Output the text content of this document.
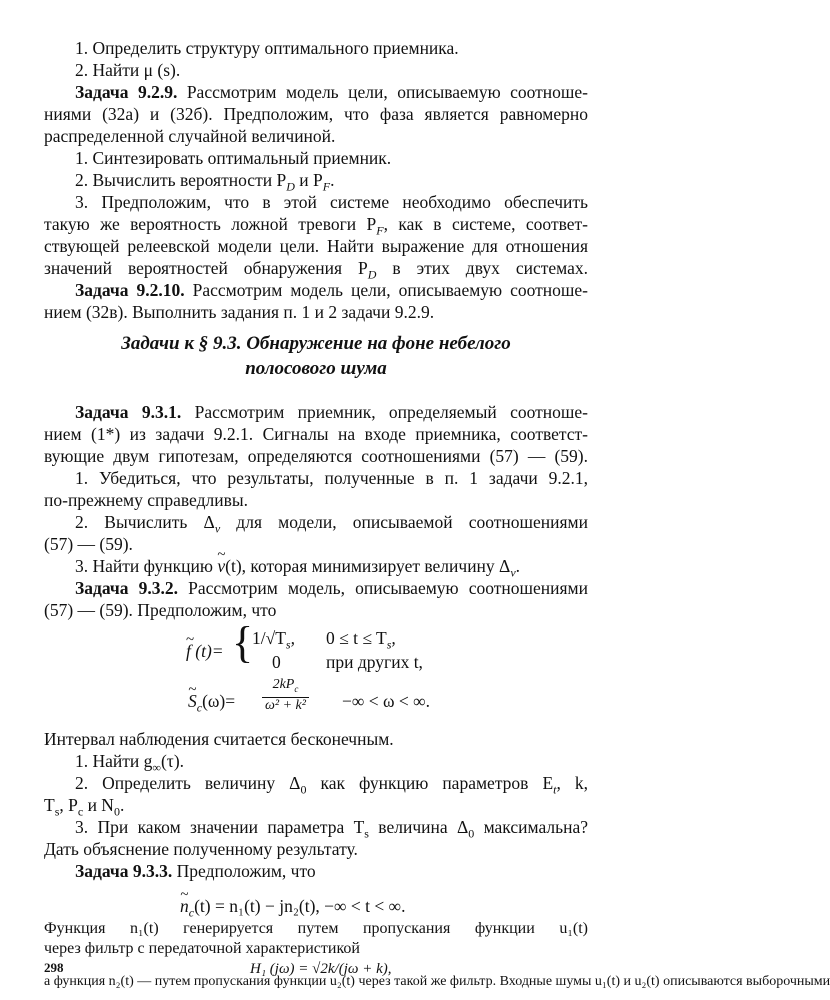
1. Определить структуру оптимального приемника.
2. Найти μ (s).
Задача 9.2.9. Рассмотрим модель цели, описываемую соотноше-
ниями (32а) и (32б). Предположим, что фаза является равномерно
распределенной случайной величиной.
1. Синтезировать оптимальный приемник.
2. Вычислить вероятности $P_D$ и $P_F$.
3. Предположим, что в этой системе необходимо обеспечить
такую же вероятность ложной тревоги $P_F$, как в системе, соответ-
ствующей релеевской модели цели. Найти выражение для отношения
значений вероятностей обнаружения $P_D$ в этих двух системах.
Задача 9.2.10. Рассмотрим модель цели, описываемую соотноше-
нием (32в). Выполнить задания п. 1 и 2 задачи 9.2.9.
Задачи к § 9.3. Обнаружение на фоне небелого
полосового шума
Задача 9.3.1. Рассмотрим приемник, определяемый соотноше-
нием (1*) из задачи 9.2.1. Сигналы на входе приемника, соответст-
вующие двум гипотезам, определяются соотношениями (57) — (59).
1. Убедиться, что результаты, полученные в п. 1 задачи 9.2.1,
по-прежнему справедливы.
2. Вычислить $\Delta_v$ для модели, описываемой соотношениями
(57) — (59).
3. Найти функцию ~ v(t), которая минимизирует величину $\Delta_v$.
Задача 9.3.2. Рассмотрим модель, описываемую соотношениями
(57) — (59). Предположим, что
~ f (t)= {
$1/√T_s$, $0 \le t \le T_s$,
0	при других t,
~ $S_c(\omega)= \frac{2kP_c}{\text{ω² + k²}}$ −∞ < ω < ∞.
Интервал наблюдения считается бесконечным.
1. Найти $g_\infty(\tau)$.
2. Определить величину $\Delta_0$ как функцию параметров $E_t$, k,
$T_s$, $P_c$ и $N_0$.
3. При каком значении параметра $T_s$ величина $\Delta_0$ максимальна?
Дать объяснение полученному результату.
Задача 9.3.3. Предположим, что
~ $n_c(t) = n_1(t) - jn_2(t)$, −∞ < t < ∞.
Функция n₁(t) генерируется путем пропускания функции u₁(t)
через фильтр с передаточной характеристикой
H₁ (jω) = √2k/(jω + k),
а функция n₂(t) — путем пропускания функции u₂(t) через такой же фильтр. Входные шумы u₁(t) и u₂(t) описываются выборочными
298
